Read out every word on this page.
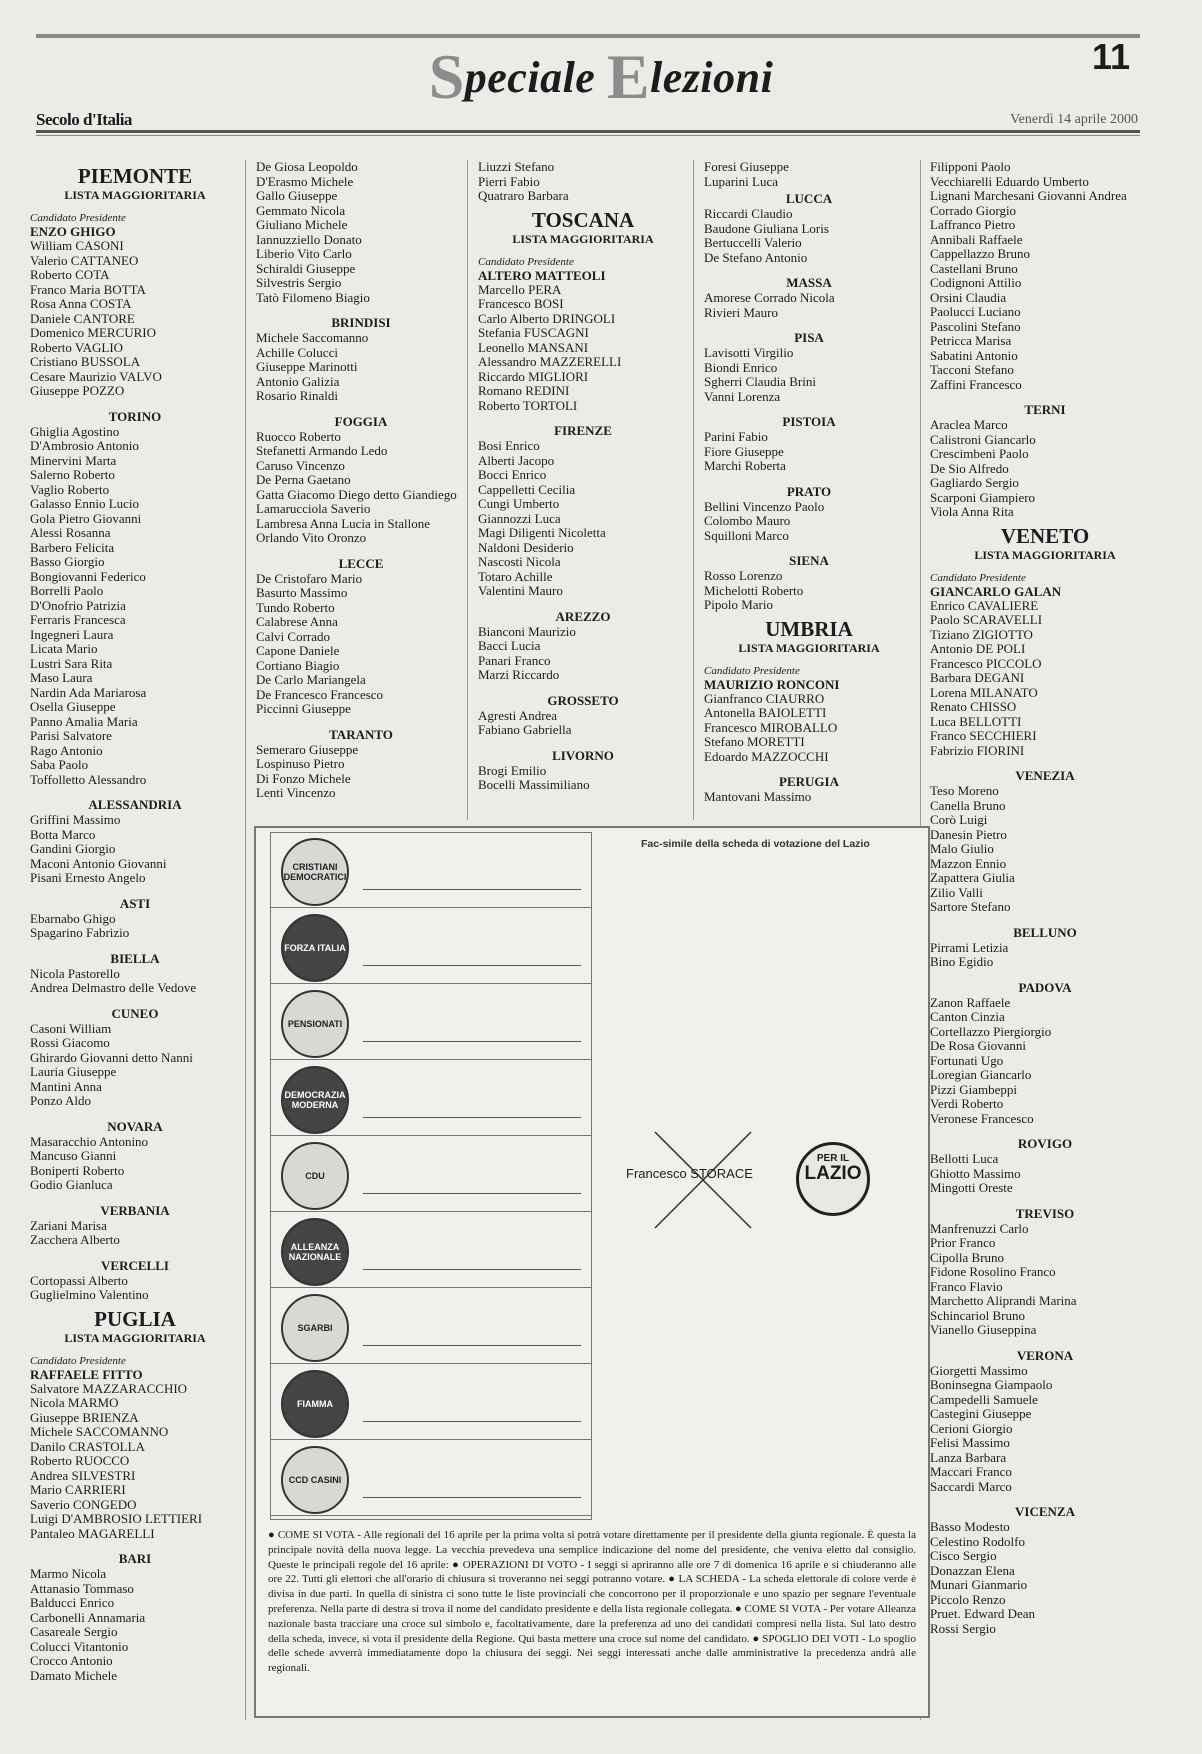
Speciale Elezioni	11
Secolo d'Italia	Venerdì 14 aprile 2000
PIEMONTE
LISTA MAGGIORITARIA
Candidato Presidente
ENZO GHIGO
William CASONI
Valerio CATTANEO
Roberto COTA
Franco Maria BOTTA
Rosa Anna COSTA
Daniele CANTORE
Domenico MERCURIO
Roberto VAGLIO
Cristiano BUSSOLA
Cesare Maurizio VALVO
Giuseppe POZZO
TORINO
Ghiglia Agostino
D'Ambrosio Antonio
Minervini Marta
Salerno Roberto
Vaglio Roberto
Galasso Ennio Lucio
Gola Pietro Giovanni
Alessi Rosanna
Barbero Felicita
Basso Giorgio
Bongiovanni Federico
Borrelli Paolo
D'Onofrio Patrizia
Ferraris Francesca
Ingegneri Laura
Licata Mario
Lustri Sara Rita
Maso Laura
Nardin Ada Mariarosa
Osella Giuseppe
Panno Amalia Maria
Parisi Salvatore
Rago Antonio
Saba Paolo
Toffolletto Alessandro
ALESSANDRIA
Griffini Massimo
Botta Marco
Gandini Giorgio
Maconi Antonio Giovanni
Pisani Ernesto Angelo
ASTI
Ebarnabo Ghigo
Spagarino Fabrizio
BIELLA
Nicola Pastorello
Andrea Delmastro delle Vedove
CUNEO
Casoni William
Rossi Giacomo
Ghirardo Giovanni detto Nanni
Lauria Giuseppe
Mantini Anna
Ponzo Aldo
NOVARA
Masaracchio Antonino
Mancuso Gianni
Boniperti Roberto
Godio Gianluca
VERBANIA
Zariani Marisa
Zacchera Alberto
VERCELLI
Cortopassi Alberto
Guglielmino Valentino
PUGLIA
LISTA MAGGIORITARIA
Candidato Presidente
RAFFAELE FITTO
Salvatore MAZZARACCHIO
Nicola MARMO
Giuseppe BRIENZA
Michele SACCOMANNO
Danilo CRASTOLLA
Roberto RUOCCO
Andrea SILVESTRI
Mario CARRIERI
Saverio CONGEDO
Luigi D'AMBROSIO LETTIERI
Pantaleo MAGARELLI
BARI
Marmo Nicola
Attanasio Tommaso
Balducci Enrico
Carbonelli Annamaria
Casareale Sergio
Colucci Vitantonio
Crocco Antonio
Damato Michele
De Giosa Leopoldo
D'Erasmo Michele
Gallo Giuseppe
Gemmato Nicola
Giuliano Michele
Iannuzziello Donato
Liberio Vito Carlo
Schiraldi Giuseppe
Silvestris Sergio
Tatò Filomeno Biagio
BRINDISI
Michele Saccomanno
Achille Colucci
Giuseppe Marinotti
Antonio Galizia
Rosario Rinaldi
FOGGIA
Ruocco Roberto
Stefanetti Armando Ledo
Caruso Vincenzo
De Perna Gaetano
Gatta Giacomo Diego detto Giandiego
Lamarucciola Saverio
Lambresa Anna Lucia in Stallone
Orlando Vito Oronzo
LECCE
De Cristofaro Mario
Basurto Massimo
Tundo Roberto
Calabrese Anna
Calvi Corrado
Capone Daniele
Cortiano Biagio
De Carlo Mariangela
De Francesco Francesco
Piccinni Giuseppe
TARANTO
Semeraro Giuseppe
Lospinuso Pietro
Di Fonzo Michele
Lenti Vincenzo
Liuzzi Stefano
Pierri Fabio
Quatraro Barbara
TOSCANA
LISTA MAGGIORITARIA
Candidato Presidente
ALTERO MATTEOLI
Marcello PERA
Francesco BOSI
Carlo Alberto DRINGOLI
Stefania FUSCAGNI
Leonello MANSANI
Alessandro MAZZERELLI
Riccardo MIGLIORI
Romano REDINI
Roberto TORTOLI
FIRENZE
Bosi Enrico
Alberti Jacopo
Bocci Enrico
Cappelletti Cecilia
Cungi Umberto
Giannozzi Luca
Magi Diligenti Nicoletta
Naldoni Desiderio
Nascosti Nicola
Totaro Achille
Valentini Mauro
AREZZO
Bianconi Maurizio
Bacci Lucia
Panari Franco
Marzi Riccardo
GROSSETO
Agresti Andrea
Fabiano Gabriella
LIVORNO
Brogi Emilio
Bocelli Massimiliano
Foresi Giuseppe
Luparini Luca
LUCCA
Riccardi Claudio
Baudone Giuliana Loris
Bertuccelli Valerio
De Stefano Antonio
MASSA
Amorese Corrado Nicola
Rivieri Mauro
PISA
Lavisotti Virgilio
Biondi Enrico
Sgherri Claudia Brini
Vanni Lorenza
PISTOIA
Parini Fabio
Fiore Giuseppe
Marchi Roberta
PRATO
Bellini Vincenzo Paolo
Colombo Mauro
Squilloni Marco
SIENA
Rosso Lorenzo
Michelotti Roberto
Pipolo Mario
UMBRIA
LISTA MAGGIORITARIA
Candidato Presidente
MAURIZIO RONCONI
Gianfranco CIAURRO
Antonella BAIOLETTI
Francesco MIROBALLO
Stefano MORETTI
Edoardo MAZZOCCHI
PERUGIA
Mantovani Massimo
Filipponi Paolo
Vecchiarelli Eduardo Umberto
Lignani Marchesani Giovanni Andrea
Corrado Giorgio
Laffranco Pietro
Annibali Raffaele
Cappellazzo Bruno
Castellani Bruno
Codignoni Attilio
Orsini Claudia
Paolucci Luciano
Pascolini Stefano
Petricca Marisa
Sabatini Antonio
Tacconi Stefano
Zaffini Francesco
TERNI
Araclea Marco
Calistroni Giancarlo
Crescimbeni Paolo
De Sio Alfredo
Gagliardo Sergio
Scarponi Giampiero
Viola Anna Rita
VENETO
LISTA MAGGIORITARIA
Candidato Presidente
GIANCARLO GALAN
Enrico CAVALIERE
Paolo SCARAVELLI
Tiziano ZIGIOTTO
Antonio DE POLI
Francesco PICCOLO
Barbara DEGANI
Lorena MILANATO
Renato CHISSO
Luca BELLOTTI
Franco SECCHIERI
Fabrizio FIORINI
VENEZIA
Teso Moreno
Canella Bruno
Corò Luigi
Danesin Pietro
Malo Giulio
Mazzon Ennio
Zapattera Giulia
Zilio Valli
Sartore Stefano
BELLUNO
Pirrami Letizia
Bino Egidio
PADOVA
Zanon Raffaele
Canton Cinzia
Cortellazzo Piergiorgio
De Rosa Giovanni
Fortunati Ugo
Loregian Giancarlo
Pizzi Giambeppi
Verdi Roberto
Veronese Francesco
ROVIGO
Bellotti Luca
Ghiotto Massimo
Mingotti Oreste
TREVISO
Manfrenuzzi Carlo
Prior Franco
Cipolla Bruno
Fidone Rosolino Franco
Franco Flavio
Marchetto Aliprandi Marina
Schincariol Bruno
Vianello Giuseppina
VERONA
Giorgetti Massimo
Boninsegna Giampaolo
Campedelli Samuele
Castegini Giuseppe
Cerioni Giorgio
Felisi Massimo
Lanza Barbara
Maccari Franco
Saccardi Marco
VICENZA
Basso Modesto
Celestino Rodolfo
Cisco Sergio
Donazzan Elena
Munari Gianmario
Piccolo Renzo
Pruet. Edward Dean
Rossi Sergio
CRISTIANI DEMOCRATICI
FORZA ITALIA
PENSIONATI
DEMOCRAZIA MODERNA
CDU
ALLEANZA NAZIONALE
SGARBI
FIAMMA
CCD CASINI
Fac-simile della scheda di votazione del Lazio
Francesco STORACE
PER IL
LAZIO
● COME SI VOTA - Alle regionali del 16 aprile per la prima volta si potrà votare direttamente per il presidente della giunta regionale. È questa la principale novità della nuova legge. La vecchia prevedeva una semplice indicazione del nome del presidente, che veniva eletto dal consiglio. Queste le principali regole del 16 aprile: ● OPERAZIONI DI VOTO - I seggi si apriranno alle ore 7 di domenica 16 aprile e si chiuderanno alle ore 22. Tutti gli elettori che all'orario di chiusura si troveranno nei seggi potranno votare. ● LA SCHEDA - La scheda elettorale di colore verde è divisa in due parti. In quella di sinistra ci sono tutte le liste provinciali che concorrono per il proporzionale e uno spazio per segnare l'eventuale preferenza. Nella parte di destra si trova il nome del candidato presidente e della lista regionale collegata. ● COME SI VOTA - Per votare Alleanza nazionale basta tracciare una croce sul simbolo e, facoltativamente, dare la preferenza ad uno dei candidati compresi nella lista. Sul lato destro della scheda, invece, si vota il presidente della Regione. Qui basta mettere una croce sul nome del candidato. ● SPOGLIO DEI VOTI - Lo spoglio delle schede avverrà immediatamente dopo la chiusura dei seggi. Nei seggi interessati anche dalle amministrative la precedenza andrà alle regionali.
